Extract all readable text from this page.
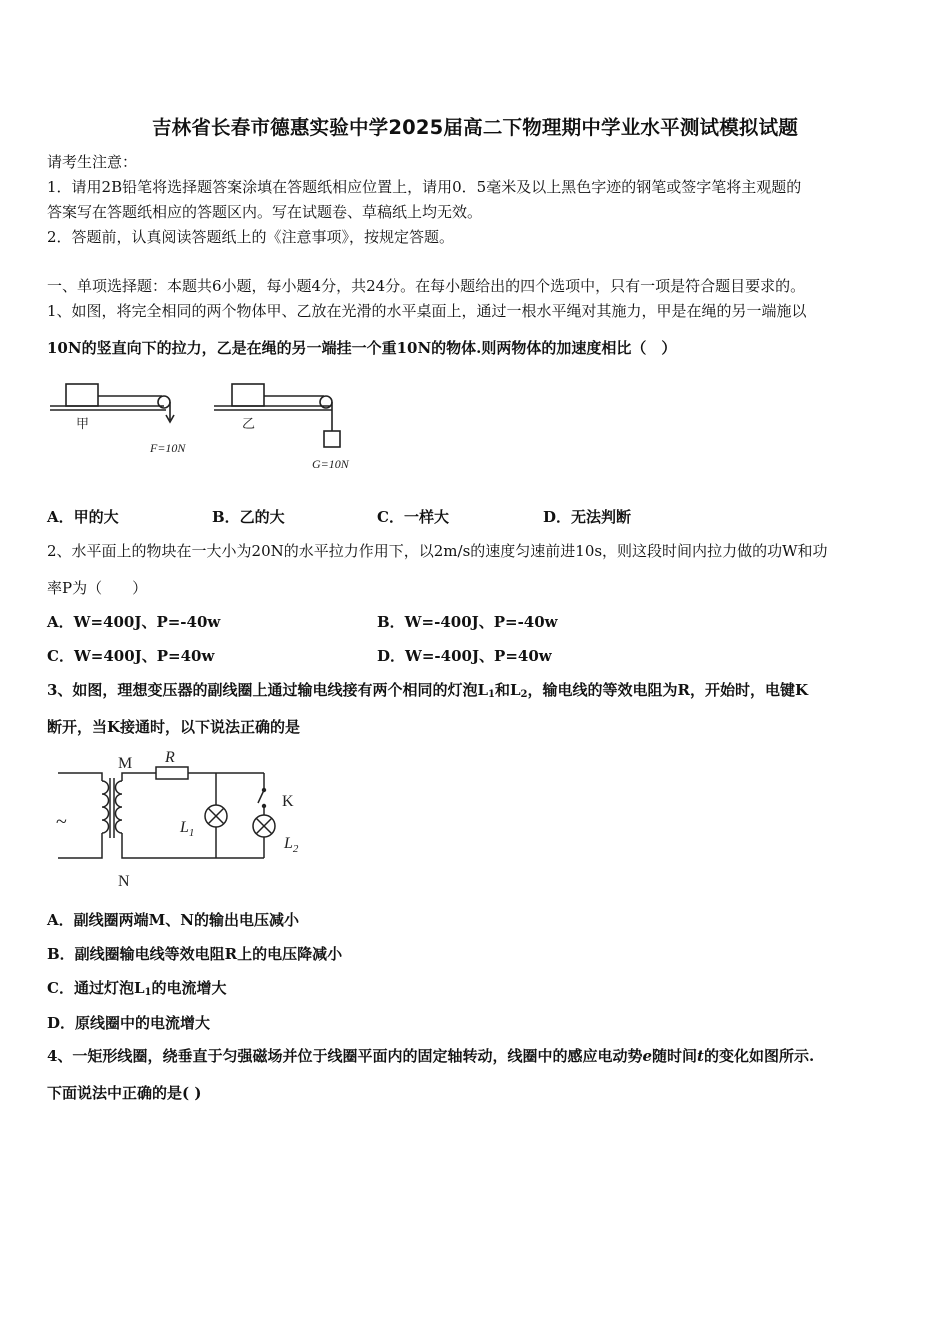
吉林省长春市德惠实验中学2025届高二下物理期中学业水平测试模拟试题
请考生注意：
1．请用2B铅笔将选择题答案涂填在答题纸相应位置上，请用0．5毫米及以上黑色字迹的钢笔或签字笔将主观题的
答案写在答题纸相应的答题区内。写在试题卷、草稿纸上均无效。
2．答题前，认真阅读答题纸上的《注意事项》，按规定答题。
一、单项选择题：本题共6小题，每小题4分，共24分。在每小题给出的四个选项中，只有一项是符合题目要求的。
1、如图，将完全相同的两个物体甲、乙放在光滑的水平桌面上，通过一根水平绳对其施力，甲是在绳的另一端施以
10N的竖直向下的拉力，乙是在绳的另一端挂一个重10N的物体.则两物体的加速度相比（　）
甲	乙
F=10N
G=10N
A．甲的大	B．乙的大	C．一样大	D．无法判断
2、水平面上的物块在一大小为20N的水平拉力作用下，以2m/s的速度匀速前进10s，则这段时间内拉力做的功W和功
率P为（　　）
A．W=400J、P=-40w	B．W=-400J、P=-40w
C．W=400J、P=40w	D．W=-400J、P=40w
3、如图，理想变压器的副线圈上通过输电线接有两个相同的灯泡$L_1$和$L_2$，输电线的等效电阻为R，开始时，电键K
断开，当K接通时，以下说法正确的是
~
M
N
R
K
$L_1$
$L_2$
A．副线圈两端M、N的输出电压减小
B．副线圈输电线等效电阻R上的电压降减小
C．通过灯泡$L_1$的电流增大
D．原线圈中的电流增大
4、一矩形线圈，绕垂直于匀强磁场并位于线圈平面内的固定轴转动，线圈中的感应电动势e随时间t的变化如图所示.
下面说法中正确的是( )
